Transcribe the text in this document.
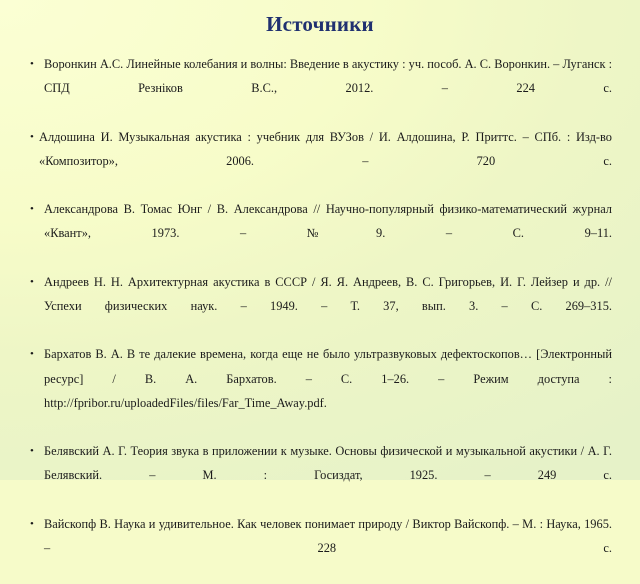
Источники
• Воронкин А.С. Линейные колебания и волны: Введение в акустику : уч. пособ. А. С. Воронкин. – Луганск : СПД Резніков В.С., 2012. – 224 с.
• Алдошина И. Музыкальная акустика : учебник для ВУЗов / И. Алдошина, Р. Приттс. – СПб. : Изд-во «Композитор», 2006. – 720 с.
• Александрова В. Томас Юнг / В. Александрова // Научно-популярный физико-математический журнал «Квант», 1973. – №9. – С. 9–11.
• Андреев Н. Н. Архитектурная акустика в СССР / Я. Я. Андреев, В. С. Григорьев, И. Г. Лейзер и др. // Успехи физических наук. – 1949. – Т. 37, вып. 3. – С. 269–315.
• Бархатов В. А. В те далекие времена, когда еще не было ультразвуковых дефектоскопов… [Электронный ресурс] / В. А. Бархатов. – С. 1–26. – Режим доступа : http://fpribor.ru/uploadedFiles/files/Far_Time_Away.pdf.
• Белявский А. Г. Теория звука в приложении к музыке. Основы физической и музыкальной акустики / А. Г. Белявский. – М. : Госиздат, 1925. – 249 с.
• Вайскопф В. Наука и удивительное. Как человек понимает природу / Виктор Вайскопф. – М. : Наука, 1965. – 228 с.
